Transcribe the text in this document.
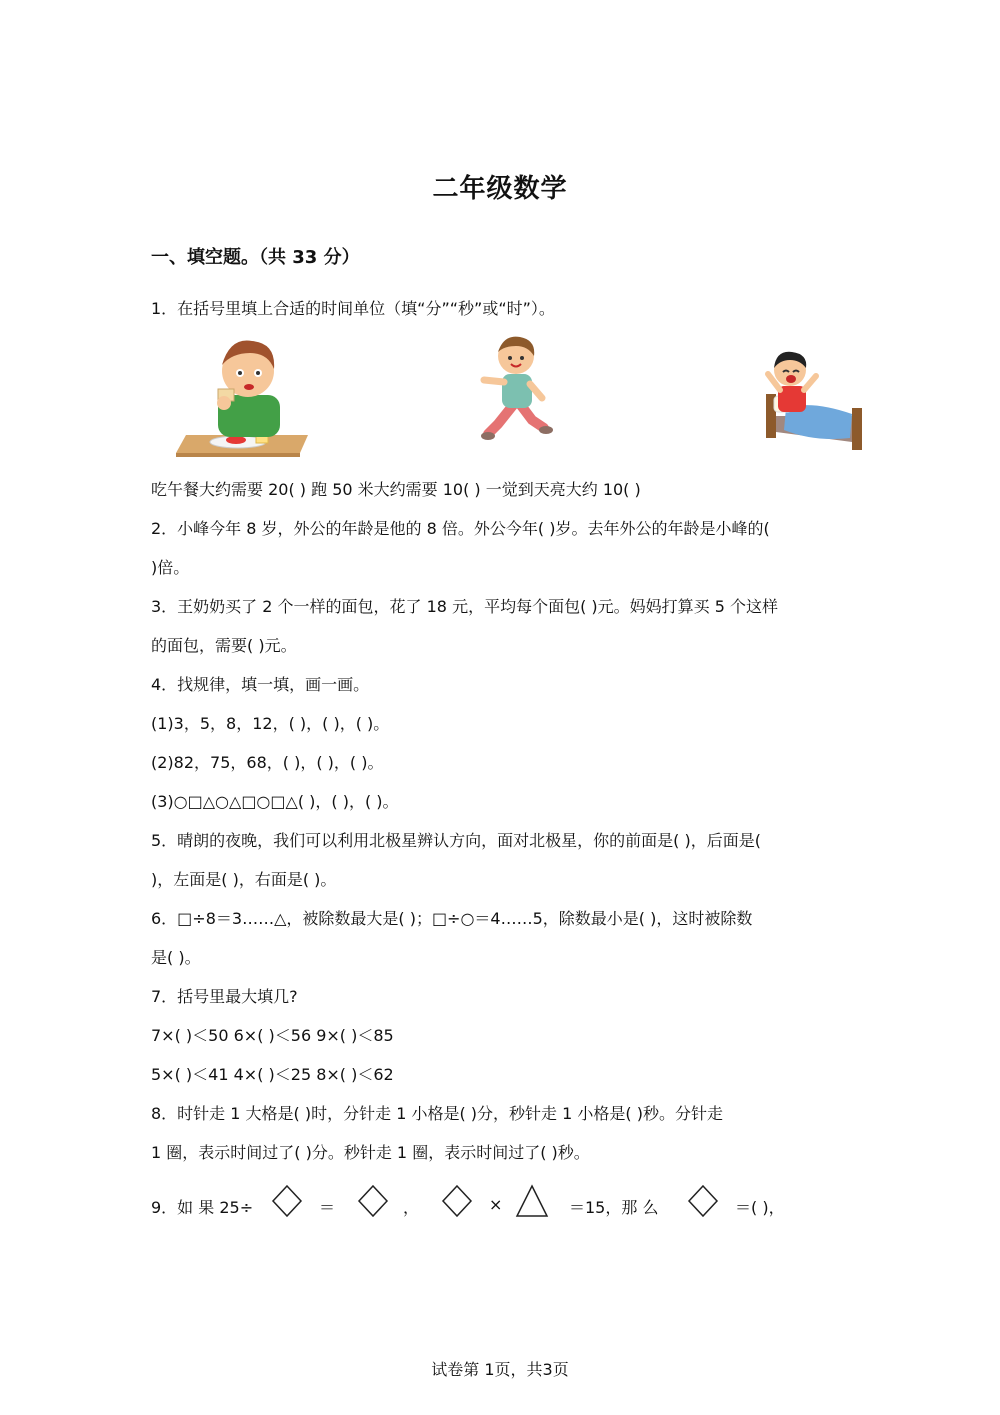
二年级数学
一、填空题。（共 33 分）
1．在括号里填上合适的时间单位（填“分”“秒”或“时”）。
吃午餐大约需要 20( ) 跑 50 米大约需要 10( ) 一觉到天亮大约 10( )
2．小峰今年 8 岁，外公的年龄是他的 8 倍。外公今年( )岁。去年外公的年龄是小峰的(
)倍。
3．王奶奶买了 2 个一样的面包，花了 18 元，平均每个面包( )元。妈妈打算买 5 个这样
的面包，需要( )元。
4．找规律，填一填，画一画。
(1)3，5，8，12，( )，( )，( )。
(2)82，75，68，( )，( )，( )。
(3)○□△○△□○□△( )，( )，( )。
5．晴朗的夜晚，我们可以利用北极星辨认方向，面对北极星，你的前面是( )，后面是(
)，左面是( )，右面是( )。
6．□÷8＝3……△，被除数最大是( )；□÷○＝4……5，除数最小是( )，这时被除数
是( )。
7．括号里最大填几?
7×( )＜50 6×( )＜56 9×( )＜85
5×( )＜41 4×( )＜25 8×( )＜62
8．时针走 1 大格是( )时，分针走 1 小格是( )分，秒针走 1 小格是( )秒。分针走
1 圈，表示时间过了( )分。秒针走 1 圈，表示时间过了( )秒。
9．如 果 25÷	＝	，	×	＝15，那 么	＝( )，
试卷第 1页，共3页
